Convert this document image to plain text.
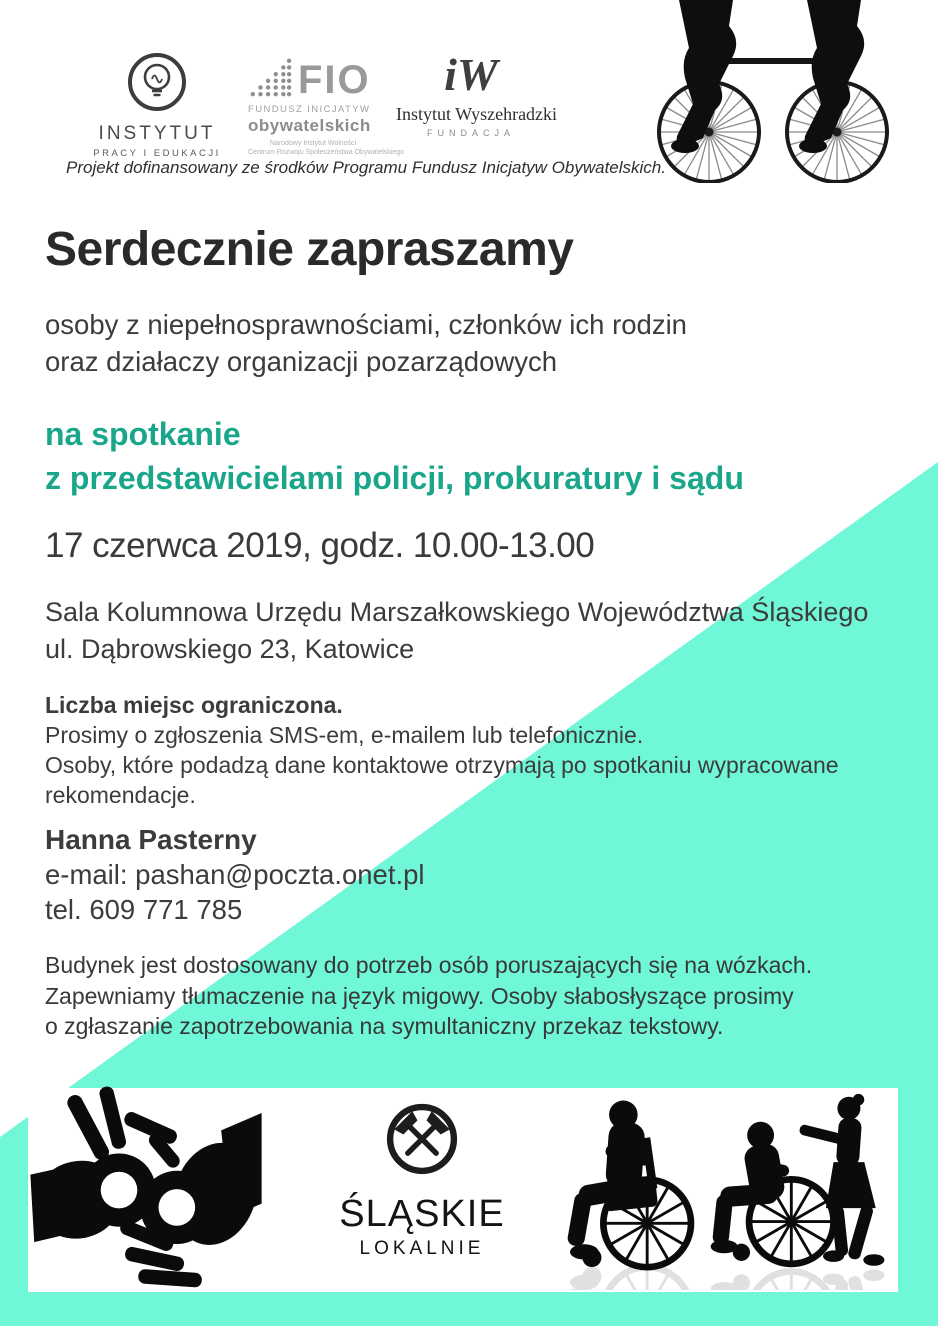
INSTYTUT
PRACY I EDUKACJI
FIO
FUNDUSZ INICJATYW
obywatelskich
Narodowy Instytut Wolności
Centrum Rozwoju Społeczeństwa Obywatelskiego
iW
Instytut Wyszehradzki
FUNDACJA
Projekt dofinansowany ze środków Programu Fundusz Inicjatyw Obywatelskich.
Serdecznie zapraszamy
osoby z niepełnosprawnościami, członków ich rodzin
oraz działaczy organizacji pozarządowych
na spotkanie
z przedstawicielami policji, prokuratury i sądu
17 czerwca 2019, godz. 10.00-13.00
Sala Kolumnowa Urzędu Marszałkowskiego Województwa Śląskiego
ul. Dąbrowskiego 23, Katowice
Liczba miejsc ograniczona.
Prosimy o zgłoszenia SMS-em, e-mailem lub telefonicznie.
Osoby, które podadzą dane kontaktowe otrzymają po spotkaniu wypracowane
rekomendacje.
Hanna Pasterny
e-mail: pashan@poczta.onet.pl
tel. 609 771 785
Budynek jest dostosowany do potrzeb osób poruszających się na wózkach.
Zapewniamy tłumaczenie na język migowy. Osoby słabosłyszące prosimy
o zgłaszanie zapotrzebowania na symultaniczny przekaz tekstowy.
ŚLĄSKIE
LOKALNIE
